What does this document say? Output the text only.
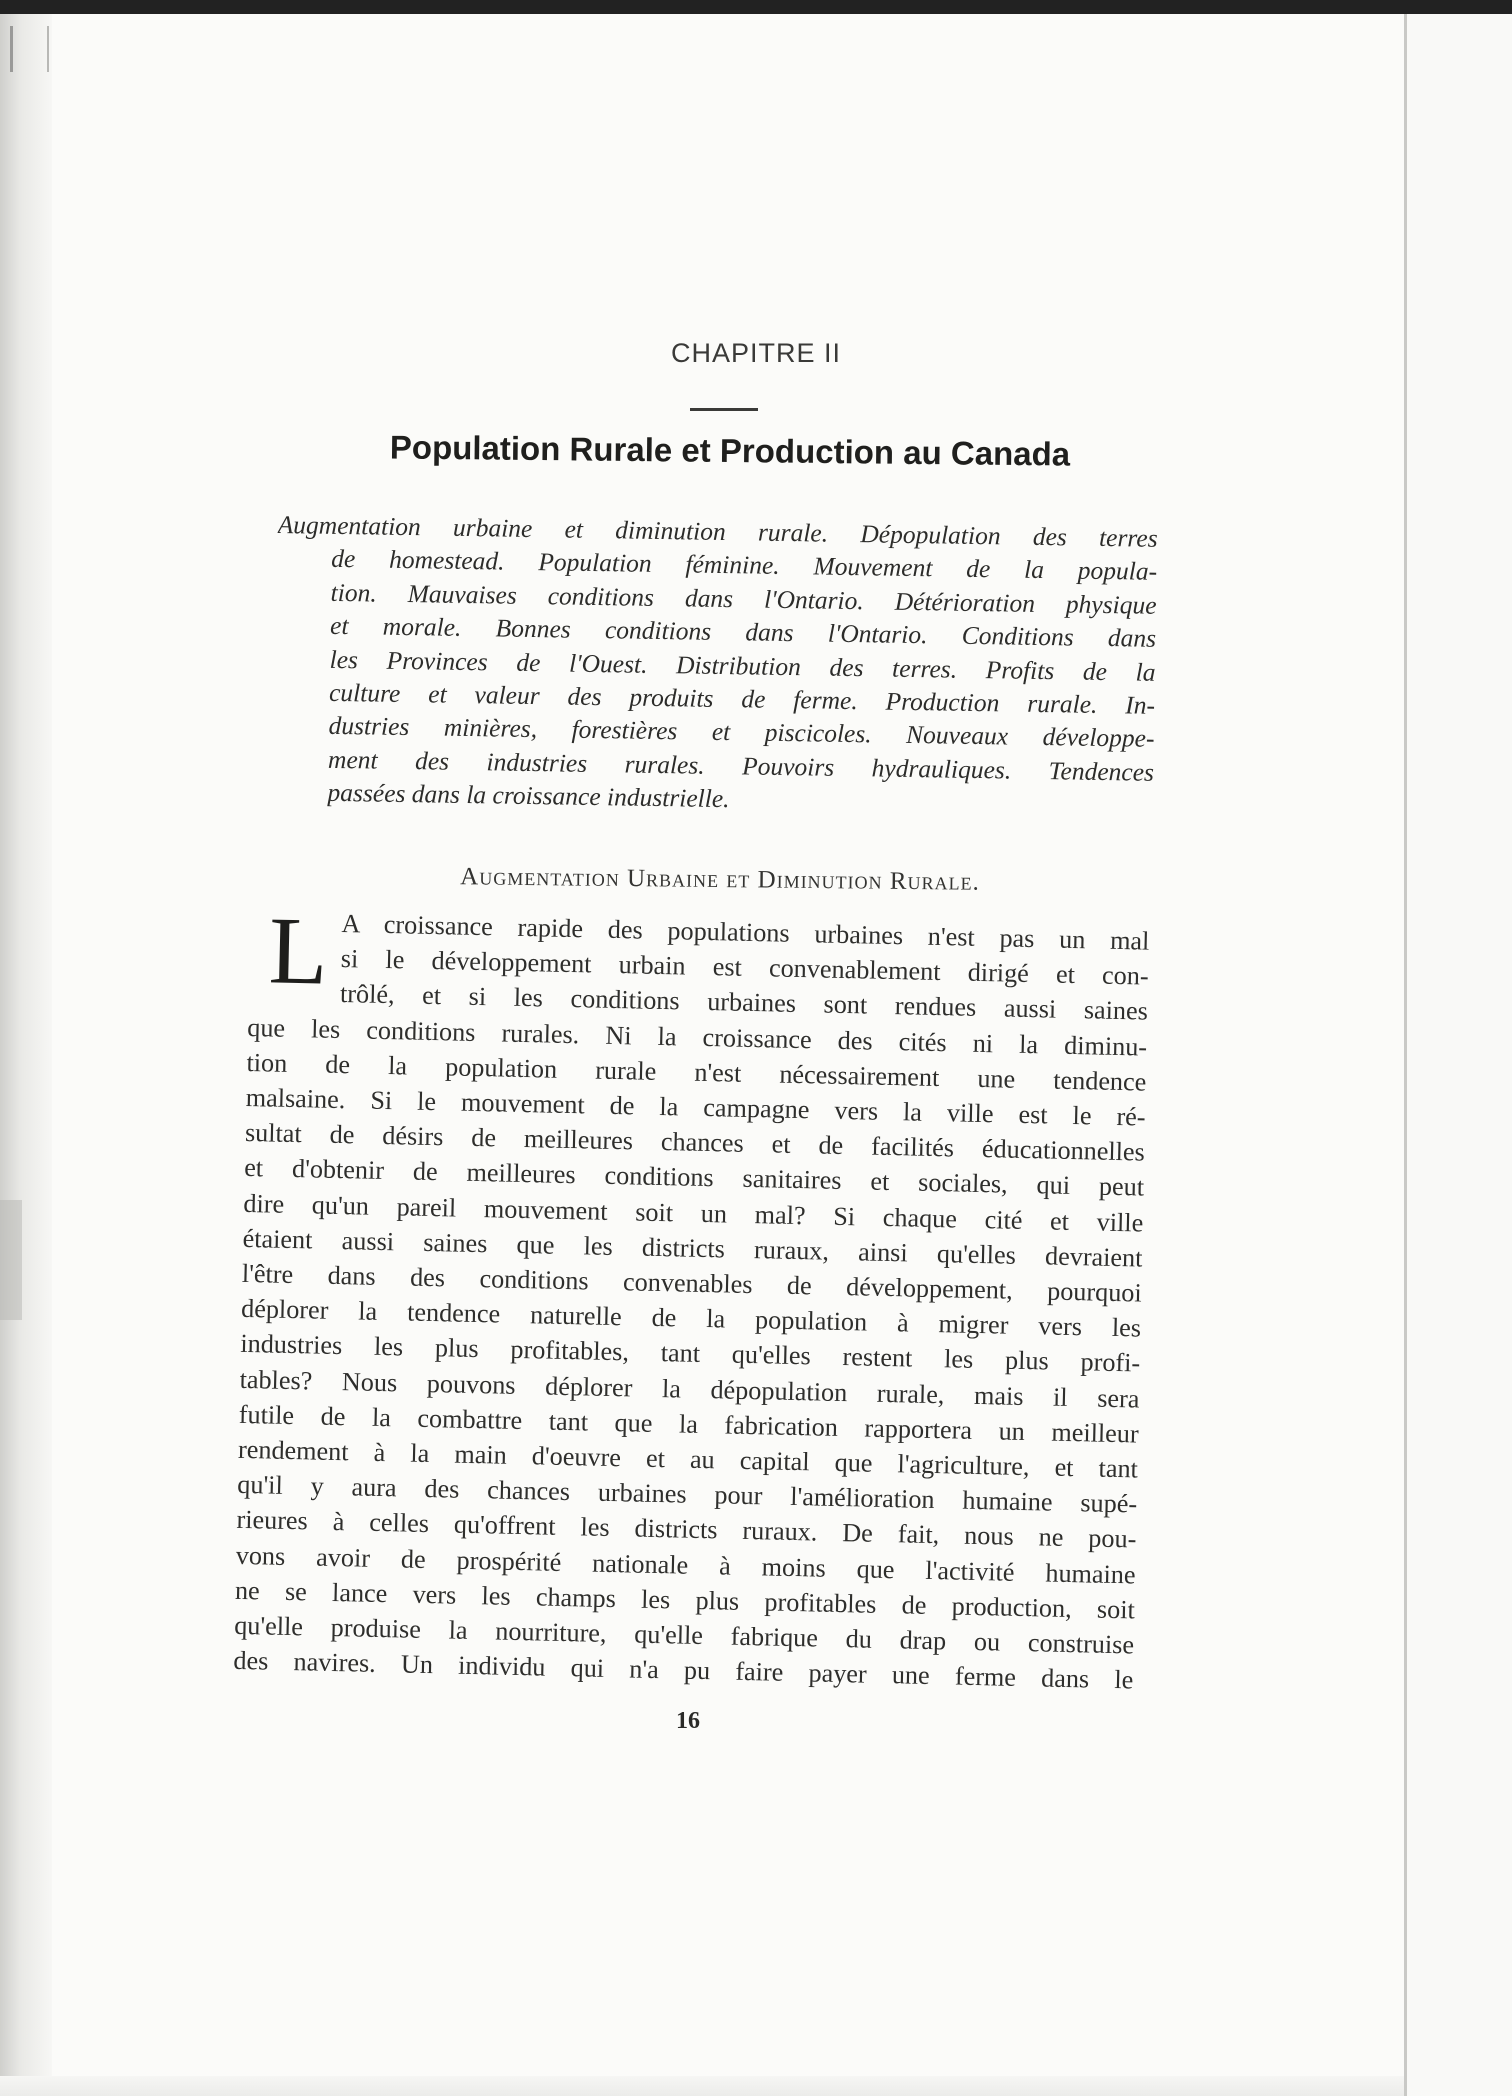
CHAPITRE II
Population Rurale et Production au Canada
Augmentation urbaine et diminution rurale. Dépopulation des terres
de homestead. Population féminine. Mouvement de la popula-
tion. Mauvaises conditions dans l'Ontario. Détérioration physique
et morale. Bonnes conditions dans l'Ontario. Conditions dans
les Provinces de l'Ouest. Distribution des terres. Profits de la
culture et valeur des produits de ferme. Production rurale. In-
dustries minières, forestières et piscicoles. Nouveaux développe-
ment des industries rurales. Pouvoirs hydrauliques. Tendences
passées dans la croissance industrielle.
Augmentation Urbaine et Diminution Rurale.
L A croissance rapide des populations urbaines n'est pas un mal
si le développement urbain est convenablement dirigé et con-
trôlé, et si les conditions urbaines sont rendues aussi saines
que les conditions rurales. Ni la croissance des cités ni la diminu-
tion de la population rurale n'est nécessairement une tendence
malsaine. Si le mouvement de la campagne vers la ville est le ré-
sultat de désirs de meilleures chances et de facilités éducationnelles
et d'obtenir de meilleures conditions sanitaires et sociales, qui peut
dire qu'un pareil mouvement soit un mal? Si chaque cité et ville
étaient aussi saines que les districts ruraux, ainsi qu'elles devraient
l'être dans des conditions convenables de développement, pourquoi
déplorer la tendence naturelle de la population à migrer vers les
industries les plus profitables, tant qu'elles restent les plus profi-
tables? Nous pouvons déplorer la dépopulation rurale, mais il sera
futile de la combattre tant que la fabrication rapportera un meilleur
rendement à la main d'oeuvre et au capital que l'agriculture, et tant
qu'il y aura des chances urbaines pour l'amélioration humaine supé-
rieures à celles qu'offrent les districts ruraux. De fait, nous ne pou-
vons avoir de prospérité nationale à moins que l'activité humaine
ne se lance vers les champs les plus profitables de production, soit
qu'elle produise la nourriture, qu'elle fabrique du drap ou construise
des navires. Un individu qui n'a pu faire payer une ferme dans le
16
